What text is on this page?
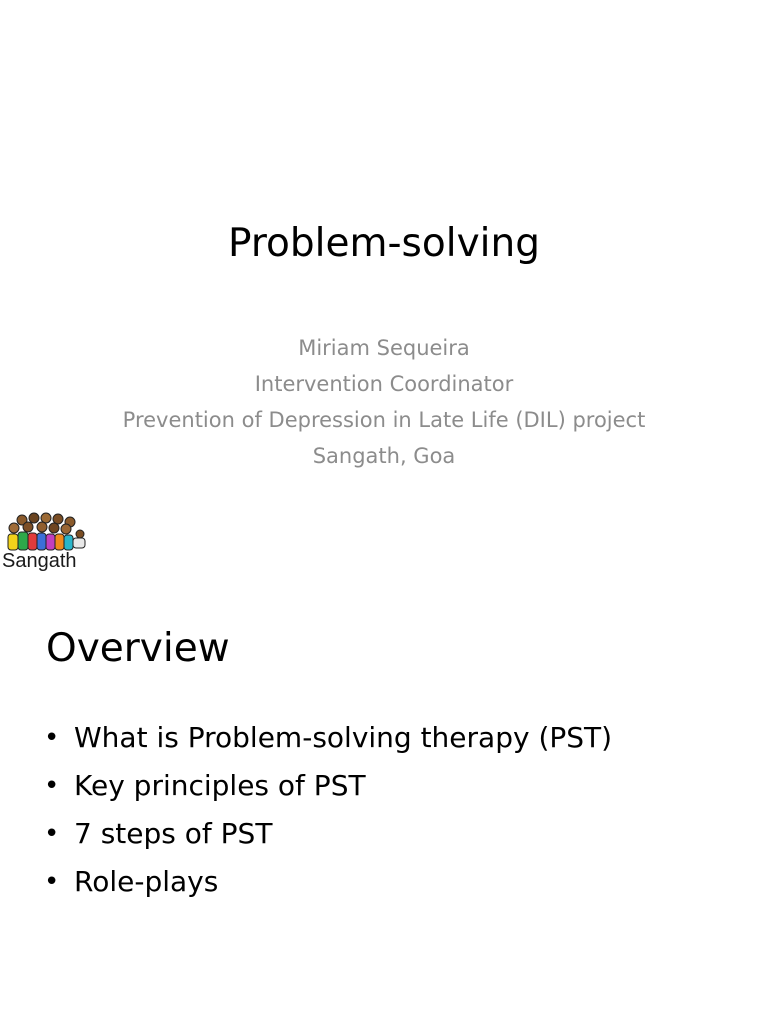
Problem-solving
Miriam Sequeira
Intervention Coordinator
Prevention of Depression in Late Life (DIL) project
Sangath, Goa
Sangath
Overview
• What is Problem-solving therapy (PST)
• Key principles of PST
• 7 steps of PST
• Role-plays
